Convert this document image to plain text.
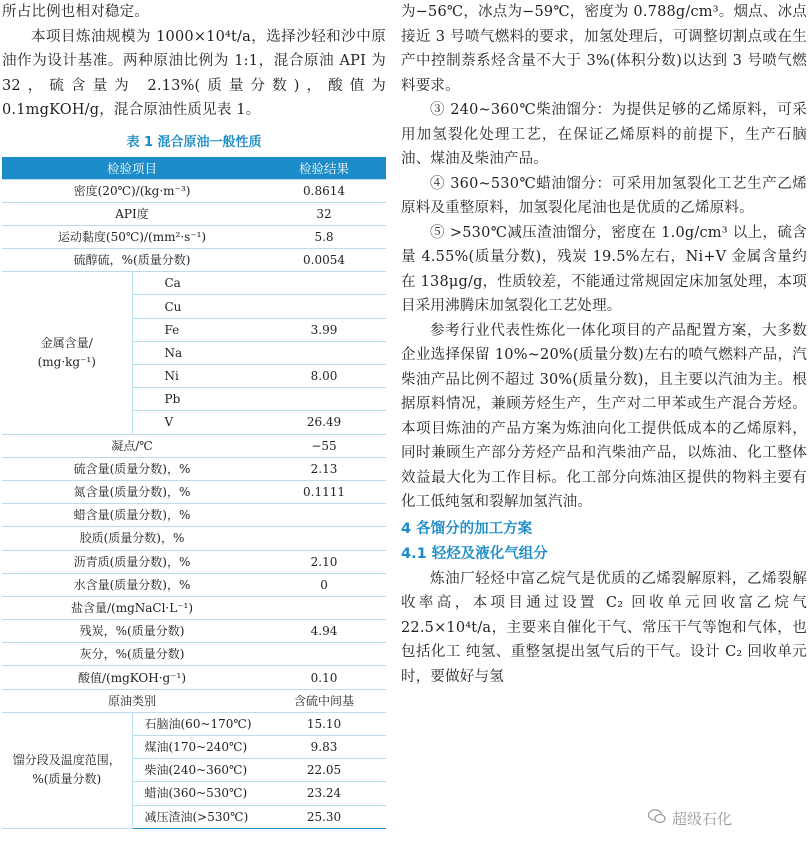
所占比例也相对稳定。

本项目炼油规模为 1000×10⁴t/a，选择沙轻和沙中原油作为设计基准。两种原油比例为 1:1，混合原油 API 为 32，硫含量为 2.13%(质量分数)，酸值为 0.1mgKOH/g，混合原油性质见表 1。

表 1 混合原油一般性质
检验项目		检验结果
密度(20℃)/(kg·m⁻³)		0.8614
API度		32
运动黏度(50℃)/(mm²·s⁻¹)		5.8
硫醇硫，%(质量分数)		0.0054
金属含量/
(mg·kg⁻¹)	Ca	
	Cu	
	Fe	3.99
	Na	
	Ni	8.00
	Pb	
	V	26.49
凝点/℃		−55
硫含量(质量分数)，%		2.13
氮含量(质量分数)，%		0.1111
蜡含量(质量分数)，%		
胶质(质量分数)，%		
沥青质(质量分数)，%		2.10
水含量(质量分数)，%		0
盐含量/(mgNaCl·L⁻¹)		
残炭，%(质量分数)		4.94
灰分，%(质量分数)		
酸值/(mgKOH·g⁻¹)		0.10
原油类别		含硫中间基
馏分段及温度范围，
%(质量分数)	石脑油(60~170℃)	15.10
	煤油(170~240℃)	9.83
	柴油(240~360℃)	22.05
	蜡油(360~530℃)	23.24
	减压渣油(>530℃)	25.30

为−56℃，冰点为−59℃，密度为 0.788g/cm³。烟点、冰点接近 3 号喷气燃料的要求，加氢处理后，可调整切割点或在生产中控制萘系烃含量不大于 3%(体积分数)以达到 3 号喷气燃料要求。

③ 240~360℃柴油馏分：为提供足够的乙烯原料，可采用加氢裂化处理工艺，在保证乙烯原料的前提下，生产石脑油、煤油及柴油产品。

④ 360~530℃蜡油馏分：可采用加氢裂化工艺生产乙烯原料及重整原料，加氢裂化尾油也是优质的乙烯原料。

⑤ >530℃减压渣油馏分，密度在 1.0g/cm³ 以上，硫含量 4.55%(质量分数)，残炭 19.5%左右，Ni+V 金属含量约在 138μg/g，性质较差，不能通过常规固定床加氢处理，本项目采用沸腾床加氢裂化工艺处理。

参考行业代表性炼化一体化项目的产品配置方案，大多数企业选择保留 10%~20%(质量分数)左右的喷气燃料产品，汽柴油产品比例不超过 30%(质量分数)，且主要以汽油为主。根据原料情况，兼顾芳烃生产，生产对二甲苯或生产混合芳烃。本项目炼油的产品方案为炼油向化工提供低成本的乙烯原料，同时兼顾生产部分芳烃产品和汽柴油产品，以炼油、化工整体效益最大化为工作目标。化工部分向炼油区提供的物料主要有化工低纯氢和裂解加氢汽油。

4 各馏分的加工方案
4.1 轻烃及液化气组分

炼油厂轻烃中富乙烷气是优质的乙烯裂解原料，乙烯裂解收率高，本项目通过设置 C₂ 回收单元回收富乙烷气 22.5×10⁴t/a，主要来自催化干气、常压干气等饱和气体，也包括化工 纯氢、重整氢提出氢气后的干气。设计 C₂ 回收单元时，要做好与氢

超级石化
